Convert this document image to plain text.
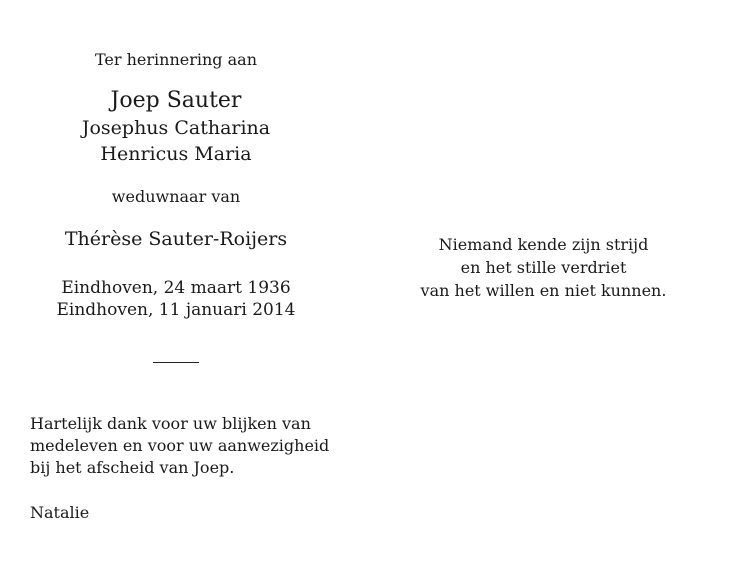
Ter herinnering aan
Joep Sauter
Josephus Catharina
Henricus Maria
weduwnaar van
Thérèse Sauter-Roijers
Eindhoven, 24 maart 1936
Eindhoven, 11 januari 2014
Hartelijk dank voor uw blijken van
medeleven en voor uw aanwezigheid
bij het afscheid van Joep.
Natalie
Niemand kende zijn strijd
en het stille verdriet
van het willen en niet kunnen.
